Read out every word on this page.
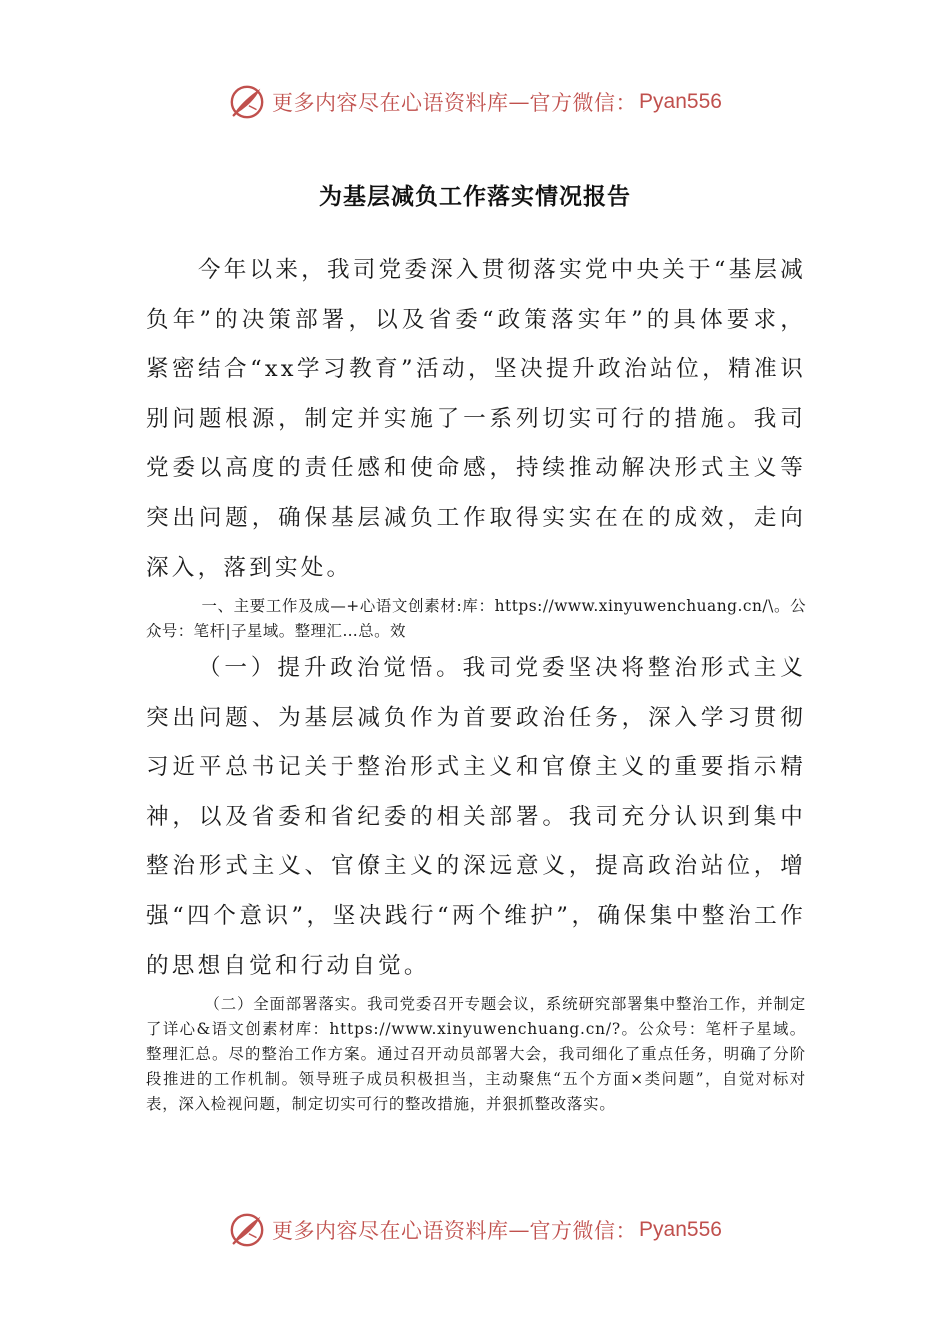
更多内容尽在心语资料库 — 官方微信： Pyan556
为基层减负工作落实情况报告
今年以来，我司党委深入贯彻落实党中央关于“基层减负年”的决策部署，以及省委“政策落实年”的具体要求，紧密结合“xx学习教育”活动，坚决提升政治站位，精准识别问题根源，制定并实施了一系列切实可行的措施。我司党委以高度的责任感和使命感，持续推动解决形式主义等突出问题，确保基层减负工作取得实实在在的成效，走向深入，落到实处。
一、主要工作及成—+心语文创素材:库：https://www.xinyuwenchuang.cn/\。公众号：笔杆|子星域。整理汇…总。效
（一）提升政治觉悟。我司党委坚决将整治形式主义突出问题、为基层减负作为首要政治任务，深入学习贯彻习近平总书记关于整治形式主义和官僚主义的重要指示精神，以及省委和省纪委的相关部署。我司充分认识到集中整治形式主义、官僚主义的深远意义，提高政治站位，增强“四个意识”，坚决践行“两个维护”，确保集中整治工作的思想自觉和行动自觉。
（二）全面部署落实。我司党委召开专题会议，系统研究部署集中整治工作，并制定了详心&语文创素材库：https://www.xinyuwenchuang.cn/?。公众号：笔杆子星域。整理汇总。尽的整治工作方案。通过召开动员部署大会，我司细化了重点任务，明确了分阶段推进的工作机制。领导班子成员积极担当，主动聚焦“五个方面×类问题”，自觉对标对表，深入检视问题，制定切实可行的整改措施，并狠抓整改落实。
更多内容尽在心语资料库 — 官方微信： Pyan556
